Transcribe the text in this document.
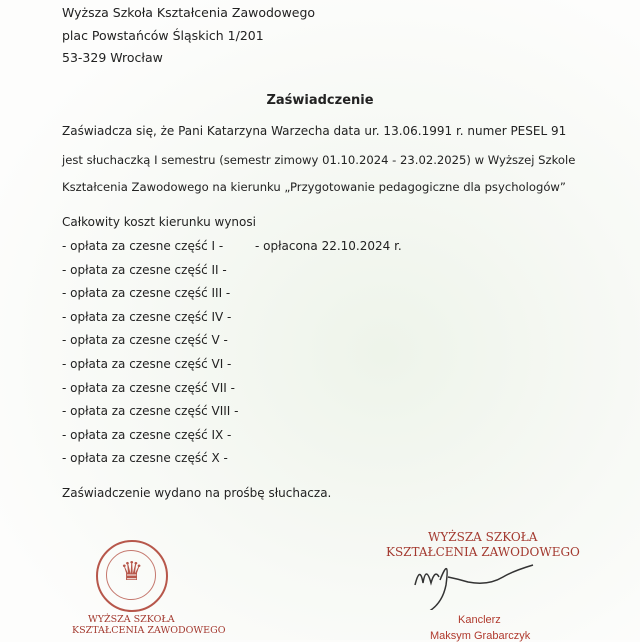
Wyższa Szkoła Kształcenia Zawodowego
plac Powstańców Śląskich 1/201
53-329 Wrocław
Zaświadczenie
Zaświadcza się, że Pani Katarzyna Warzecha data ur. 13.06.1991 r. numer PESEL 91
jest słuchaczką I semestru (semestr zimowy 01.10.2024 - 23.02.2025) w Wyższej Szkole
Kształcenia Zawodowego na kierunku „Przygotowanie pedagogiczne dla psychologów”
Całkowity koszt kierunku wynosi
- opłata za czesne część I -	- opłacona 22.10.2024 r.
- opłata za czesne część II -
- opłata za czesne część III -
- opłata za czesne część IV -
- opłata za czesne część V -
- opłata za czesne część VI -
- opłata za czesne część VII -
- opłata za czesne część VIII -
- opłata za czesne część IX -
- opłata za czesne część X -
Zaświadczenie wydano na prośbę słuchacza.
♛
WYŻSZA SZKOŁA
KSZTAŁCENIA ZAWODOWEGO
WYŻSZA SZKOŁA
KSZTAŁCENIA ZAWODOWEGO
Kanclerz
Maksym Grabarczyk
